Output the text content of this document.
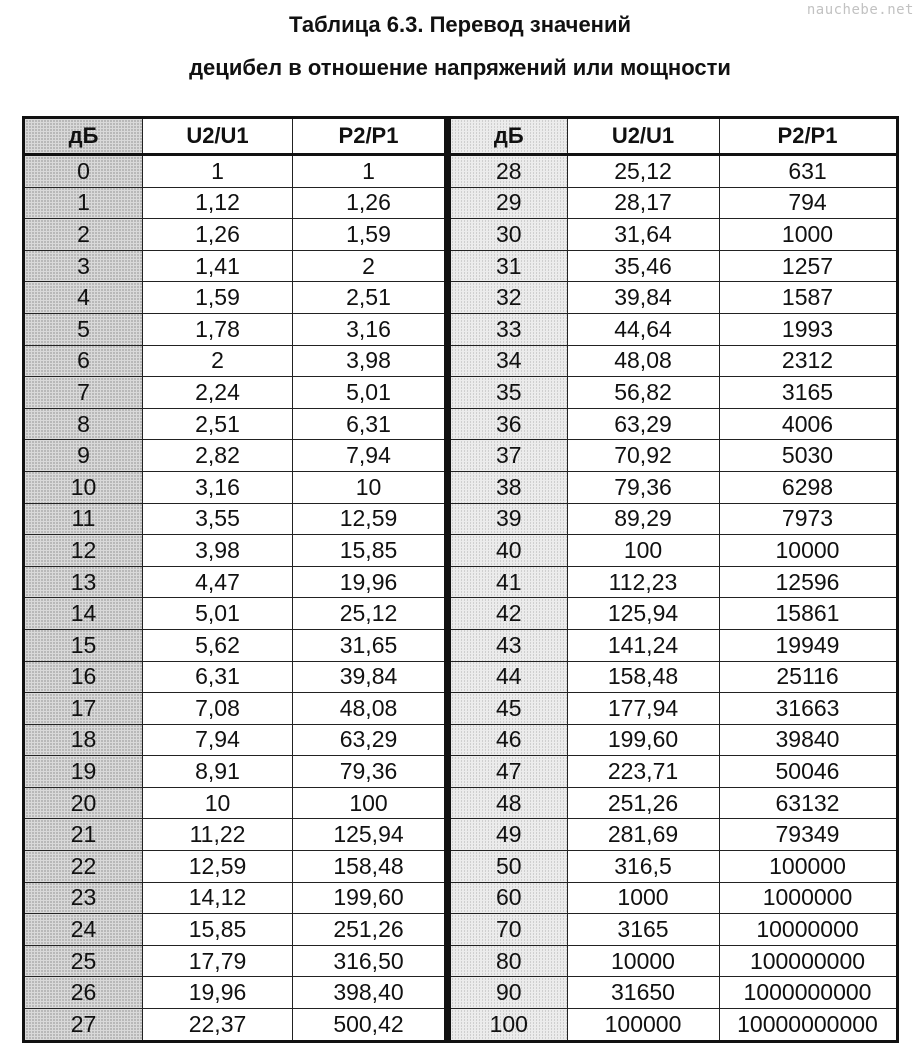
nauchebe.net
Таблица 6.3. Перевод значений
децибел в отношение напряжений или мощности
дБ	U2/U1	P2/P1
0	1	1
1	1,12	1,26
2	1,26	1,59
3	1,41	2
4	1,59	2,51
5	1,78	3,16
6	2	3,98
7	2,24	5,01
8	2,51	6,31
9	2,82	7,94
10	3,16	10
11	3,55	12,59
12	3,98	15,85
13	4,47	19,96
14	5,01	25,12
15	5,62	31,65
16	6,31	39,84
17	7,08	48,08
18	7,94	63,29
19	8,91	79,36
20	10	100
21	11,22	125,94
22	12,59	158,48
23	14,12	199,60
24	15,85	251,26
25	17,79	316,50
26	19,96	398,40
27	22,37	500,42
дБ	U2/U1	P2/P1
28	25,12	631
29	28,17	794
30	31,64	1000
31	35,46	1257
32	39,84	1587
33	44,64	1993
34	48,08	2312
35	56,82	3165
36	63,29	4006
37	70,92	5030
38	79,36	6298
39	89,29	7973
40	100	10000
41	112,23	12596
42	125,94	15861
43	141,24	19949
44	158,48	25116
45	177,94	31663
46	199,60	39840
47	223,71	50046
48	251,26	63132
49	281,69	79349
50	316,5	100000
60	1000	1000000
70	3165	10000000
80	10000	100000000
90	31650	1000000000
100	100000	10000000000
